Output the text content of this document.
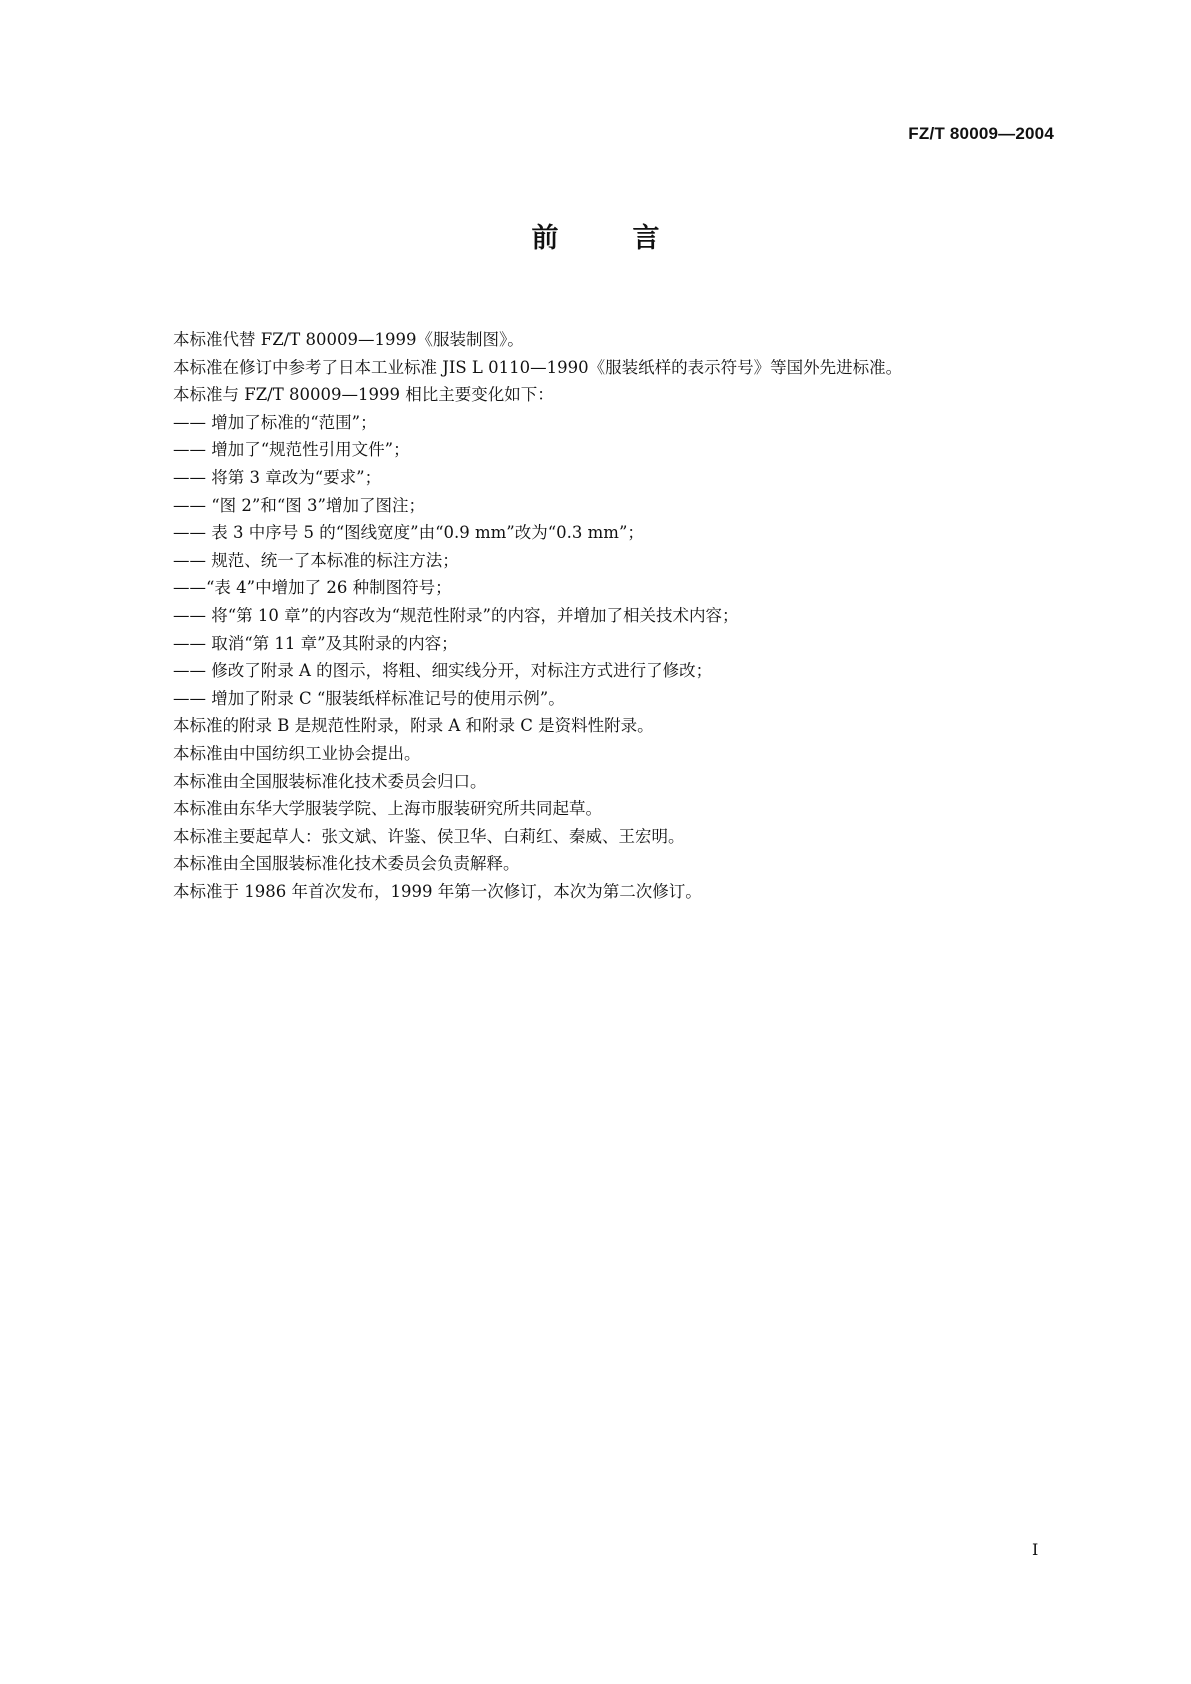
FZ/T 80009—2004
前	言
本标准代替 FZ/T 80009—1999《服装制图》。
本标准在修订中参考了日本工业标准 JIS L 0110—1990《服装纸样的表示符号》等国外先进标准。
本标准与 FZ/T 80009—1999 相比主要变化如下：
—— 增加了标准的“范围”；
—— 增加了“规范性引用文件”；
—— 将第 3 章改为“要求”；
—— “图 2”和“图 3”增加了图注；
—— 表 3 中序号 5 的“图线宽度”由“0.9 mm”改为“0.3 mm”；
—— 规范、统一了本标准的标注方法；
——“表 4”中增加了 26 种制图符号；
—— 将“第 10 章”的内容改为“规范性附录”的内容，并增加了相关技术内容；
—— 取消“第 11 章”及其附录的内容；
—— 修改了附录 A 的图示，将粗、细实线分开，对标注方式进行了修改；
—— 增加了附录 C “服装纸样标准记号的使用示例”。
本标准的附录 B 是规范性附录，附录 A 和附录 C 是资料性附录。
本标准由中国纺织工业协会提出。
本标准由全国服装标准化技术委员会归口。
本标准由东华大学服装学院、上海市服装研究所共同起草。
本标准主要起草人：张文斌、许鉴、侯卫华、白莉红、秦威、王宏明。
本标准由全国服装标准化技术委员会负责解释。
本标准于 1986 年首次发布，1999 年第一次修订，本次为第二次修订。
I
